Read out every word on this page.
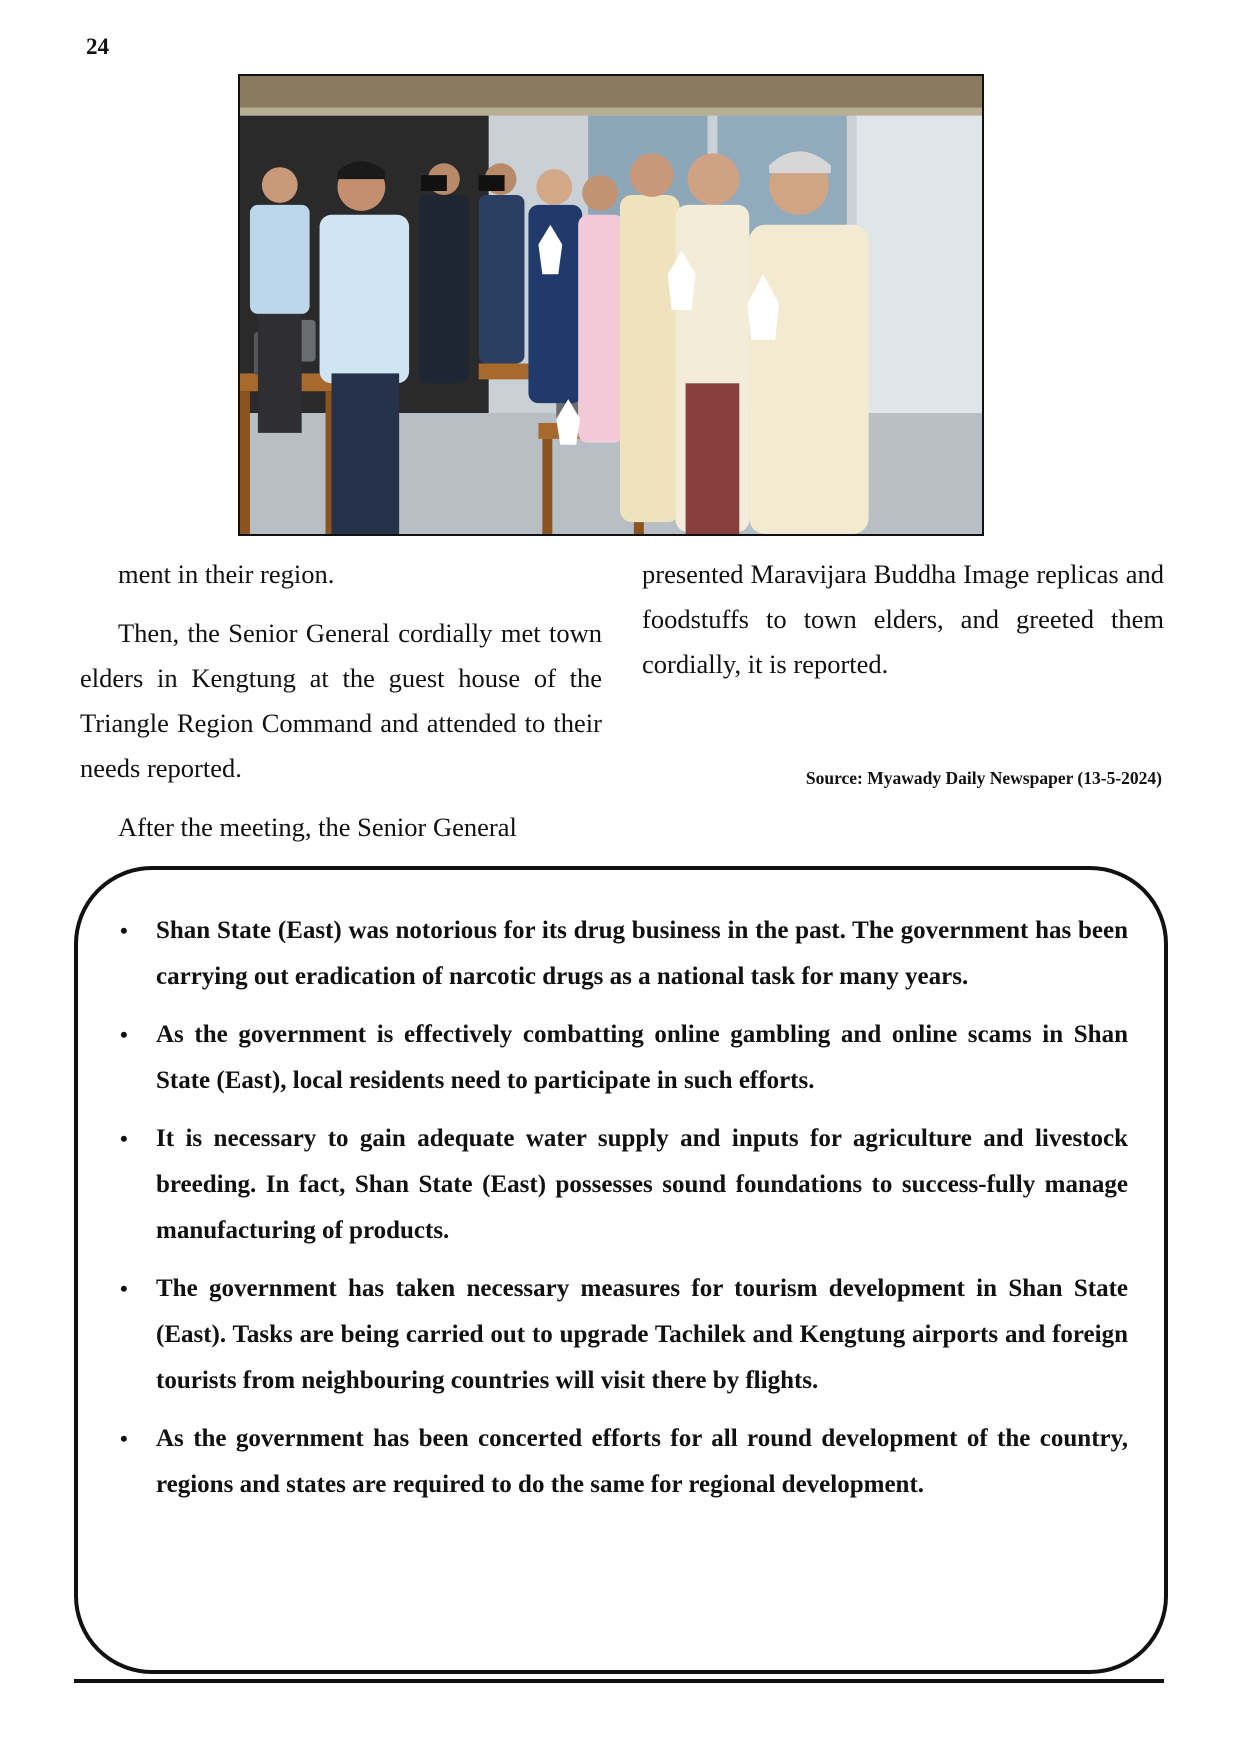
24

ment in their region.

Then, the Senior General cordially met town elders in Kengtung at the guest house of the Triangle Region Command and attended to their needs reported.

After the meeting, the Senior General

presented Maravijara Buddha Image replicas and foodstuffs to town elders, and greeted them cordially, it is reported.

Source: Myawady Daily Newspaper (13-5-2024)
• Shan State (East) was notorious for its drug business in the past. The government has been carrying out eradication of narcotic drugs as a national task for many years.
• As the government is effectively combatting online gambling and online scams in Shan State (East), local residents need to participate in such efforts.
• It is necessary to gain adequate water supply and inputs for agriculture and livestock breeding. In fact, Shan State (East) possesses sound foundations to success-fully manage manufacturing of products.
• The government has taken necessary measures for tourism development in Shan State (East). Tasks are being carried out to upgrade Tachilek and Kengtung airports and foreign tourists from neighbouring countries will visit there by flights.
• As the government has been concerted efforts for all round development of the country, regions and states are required to do the same for regional development.
